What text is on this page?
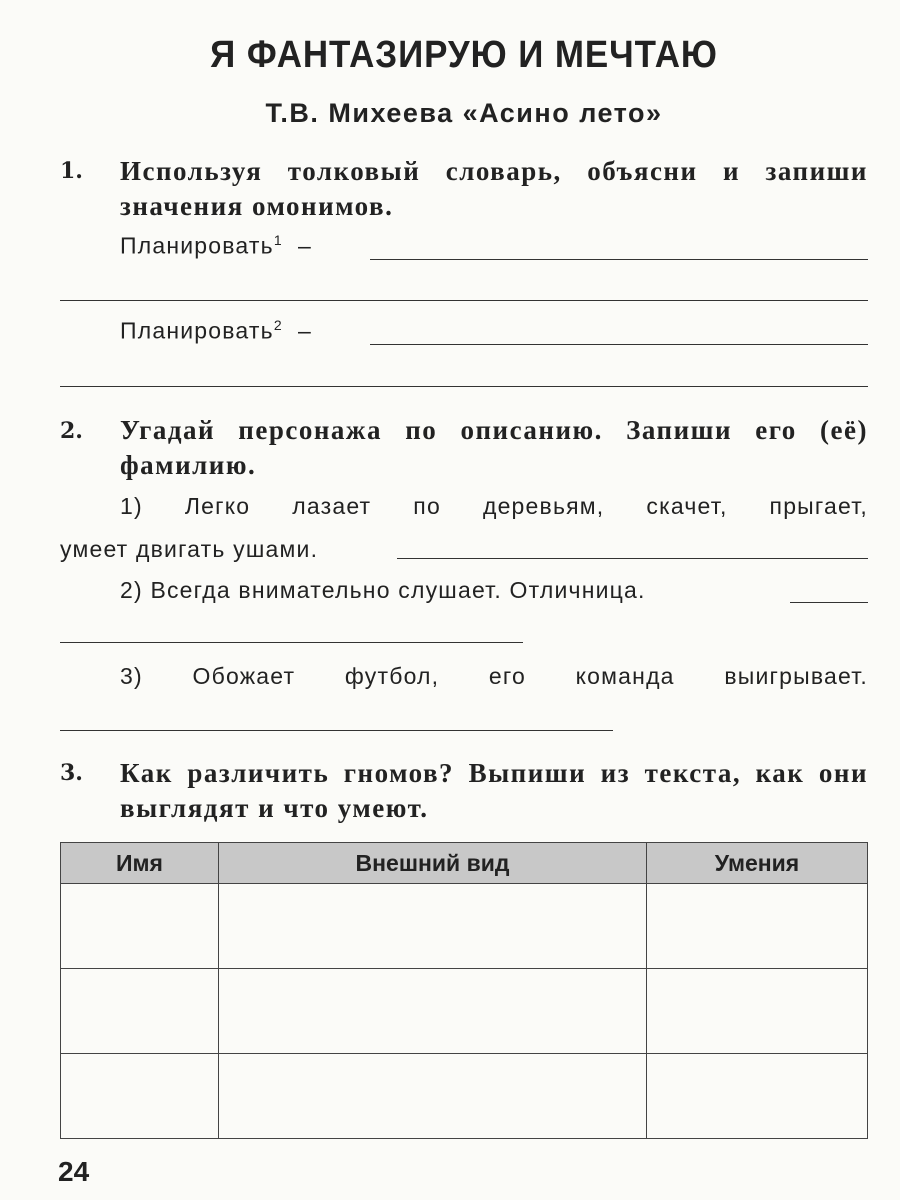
Я ФАНТАЗИРУЮ И МЕЧТАЮ
Т.В. Михеева «Асино лето»
1. Используя толковый словарь, объясни и запиши значения омонимов.
Планировать$^1$ –
Планировать$^2$ –
2. Угадай персонажа по описанию. Запиши его (её) фамилию.
1) Легко лазает по деревьям, скачет, прыгает,
умеет двигать ушами.
2) Всегда внимательно слушает. Отличница.
3) Обожает футбол, его команда выигрывает.
3. Как различить гномов? Выпиши из текста, как они выглядят и что умеют.
Имя	Внешний вид	Умения

24
